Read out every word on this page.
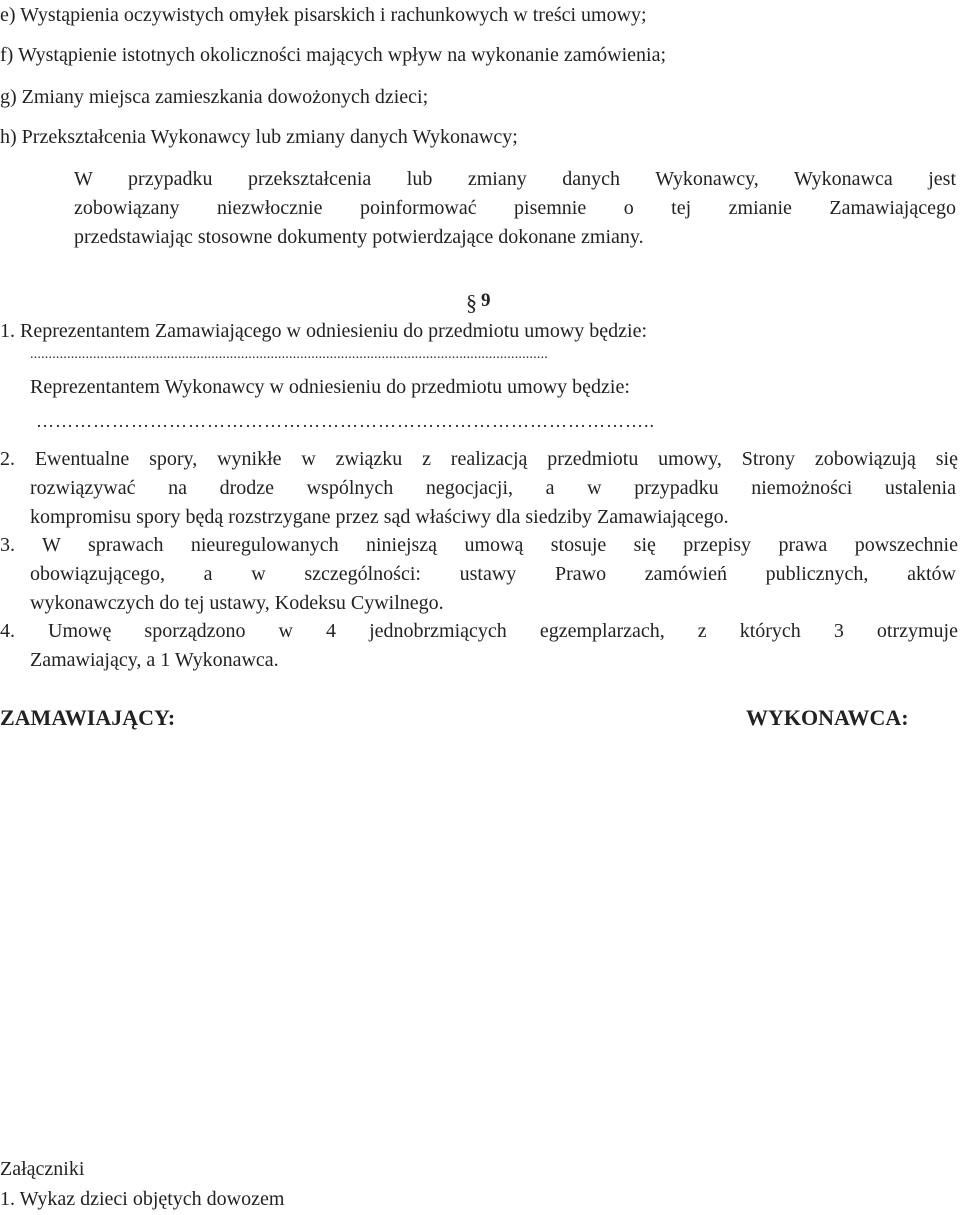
e) Wystąpienia oczywistych omyłek pisarskich i rachunkowych w treści umowy;
f) Wystąpienie istotnych okoliczności mających wpływ na wykonanie zamówienia;
g) Zmiany miejsca zamieszkania dowożonych dzieci;
h) Przekształcenia Wykonawcy lub zmiany danych Wykonawcy;
W przypadku przekształcenia lub zmiany danych Wykonawcy, Wykonawca jest
zobowiązany niezwłocznie poinformować pisemnie o tej zmianie Zamawiającego
przedstawiając stosowne dokumenty potwierdzające dokonane zmiany.
§ 9
1. Reprezentantem Zamawiającego w odniesieniu do przedmiotu umowy będzie:
............................................................................................................................................
Reprezentantem Wykonawcy w odniesieniu do przedmiotu umowy będzie:
……………………………………………………………………………………..
2. Ewentualne spory, wynikłe w związku z realizacją przedmiotu umowy, Strony zobowiązują się
rozwiązywać na drodze wspólnych negocjacji, a w przypadku niemożności ustalenia
kompromisu spory będą rozstrzygane przez sąd właściwy dla siedziby Zamawiającego.
3. W sprawach nieuregulowanych niniejszą umową stosuje się przepisy prawa powszechnie
obowiązującego, a w szczególności: ustawy Prawo zamówień publicznych, aktów
wykonawczych do tej ustawy, Kodeksu Cywilnego.
4. Umowę sporządzono w 4 jednobrzmiących egzemplarzach, z których 3 otrzymuje
Zamawiający, a 1 Wykonawca.
ZAMAWIAJĄCY:	WYKONAWCA:
Załączniki
1. Wykaz dzieci objętych dowozem
